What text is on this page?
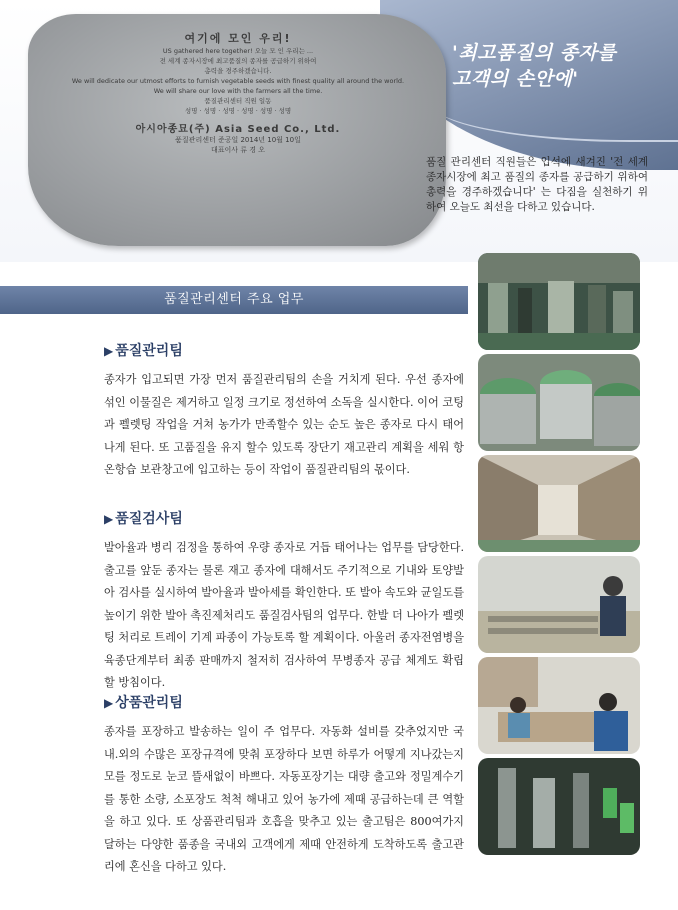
'최고품질의 종자를
고객의 손안에'
여기에 모인 우리!

US gathered here together! 오늘 모 인 우리는 ...

전 세계 종자시장에 최고품질의 종자를 공급하기 위하여

총력을 경주하겠습니다.

We will dedicate our utmost efforts to furnish vegetable seeds with finest quality all around the world.

We will share our love with the farmers all the time.

품질관리센터 직원 일동

성명 · 성명 · 성명 · 성명 · 성명 · 성명

아시아종묘(주) Asia Seed Co., Ltd.
품질관리센터 준공일 2014년 10월 10일
대표이사 류 경 오
품질 관리센터 직원들은 입석에 새겨진 '전 세계 종자시장에 최고 품질의 종자를 공급하기 위하여 총력을 경주하겠습니다' 는 다짐을 실천하기 위하여 오늘도 최선을 다하고 있습니다.
품질관리센터 주요 업무
▶ 품질관리팀

종자가 입고되면 가장 먼저 품질관리팀의 손을 거치게 된다. 우선 종자에 섞인 이물질은 제거하고 일정 크기로 정선하여 소독을 실시한다. 이어 코팅과 펠렛팅 작업을 거쳐 농가가 만족할수 있는 순도 높은 종자로 다시 태어나게 된다. 또 고품질을 유지 할수 있도록 장단기 재고관리 계획을 세워 항온항습 보관창고에 입고하는 등이 작업이 품질관리팀의 몫이다.

▶ 품질검사팀

발아율과 병리 검정을 통하여 우량 종자로 거듭 태어나는 업무를 담당한다. 출고를 앞둔 종자는 물론 재고 종자에 대해서도 주기적으로 기내와 토양발아 검사를 실시하여 발아율과 발아세를 확인한다. 또 발아 속도와 균일도를 높이기 위한 발아 촉진제처리도 품질검사팀의 업무다. 한발 더 나아가 펠렛팅 처리로 트레이 기계 파종이 가능토록 할 계획이다. 아울러 종자전염병을 육종단계부터 최종 판매까지 철저히 검사하여 무병종자 공급 체계도 확립할 방침이다.

▶ 상품관리팀

종자를 포장하고 발송하는 일이 주 업무다. 자동화 설비를 갖추었지만 국내.외의 수많은 포장규격에 맞춰 포장하다 보면 하루가 어떻게 지나갔는지 모를 정도로 눈코 뜰새없이 바쁘다. 자동포장기는 대량 출고와 정밀계수기를 통한 소량, 소포장도 척척 해내고 있어 농가에 제때 공급하는데 큰 역할을 하고 있다. 또 상품관리팀과 호흡을 맞추고 있는 출고팀은 800여가지 달하는 다양한 품종을 국내외 고객에게 제때 안전하게 도착하도록 출고관리에 혼신을 다하고 있다.
